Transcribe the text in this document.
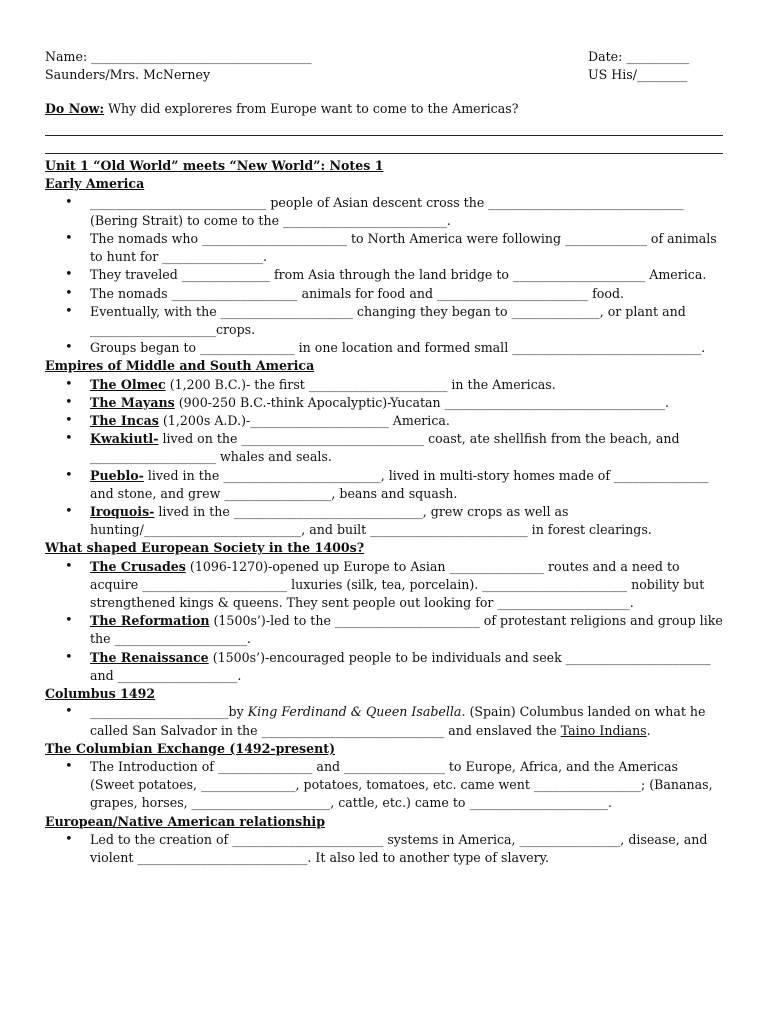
Name: ___________________________________
Saunders/Mrs. McNerney
Date: __________
US His/________
Do Now: Why did exploreres from Europe want to come to the Americas?
Unit 1 “Old World” meets “New World”: Notes 1
Early America
• ____________________________ people of Asian descent cross the _______________________________ (Bering Strait) to come to the __________________________.
• The nomads who _______________________ to North America were following _____________ of animals to hunt for ________________.
• They traveled ______________ from Asia through the land bridge to _____________________ America.
• The nomads ____________________ animals for food and ________________________ food.
• Eventually, with the _____________________ changing they began to ______________, or plant and ____________________crops.
• Groups began to _______________ in one location and formed small ______________________________.
Empires of Middle and South America
• The Olmec (1,200 B.C.)- the first ______________________ in the Americas.
• The Mayans (900-250 B.C.-think Apocalyptic)-Yucatan ___________________________________.
• The Incas (1,200s A.D.)-______________________ America.
• Kwakiutl- lived on the _____________________________ coast, ate shellfish from the beach, and ____________________ whales and seals.
• Pueblo- lived in the _________________________, lived in multi-story homes made of _______________ and stone, and grew _________________, beans and squash.
• Iroquois- lived in the ______________________________, grew crops as well as hunting/_________________________, and built _________________________ in forest clearings.
What shaped European Society in the 1400s?
• The Crusades (1096-1270)-opened up Europe to Asian _______________ routes and a need to acquire _______________________ luxuries (silk, tea, porcelain). _______________________ nobility but strengthened kings & queens. They sent people out looking for _____________________.
• The Reformation (1500s’)-led to the _______________________ of protestant religions and group like the _____________________.
• The Renaissance (1500s’)-encouraged people to be individuals and seek _______________________ and ___________________.
Columbus 1492
• ______________________by King Ferdinand & Queen Isabella. (Spain) Columbus landed on what he called San Salvador in the _____________________________ and enslaved the Taino Indians.
The Columbian Exchange (1492-present)
• The Introduction of _______________ and ________________ to Europe, Africa, and the Americas (Sweet potatoes, _______________, potatoes, tomatoes, etc. came went _________________; (Bananas, grapes, horses, ______________________, cattle, etc.) came to ______________________.
European/Native American relationship
• Led to the creation of ________________________ systems in America, ________________, disease, and violent ___________________________. It also led to another type of slavery.
